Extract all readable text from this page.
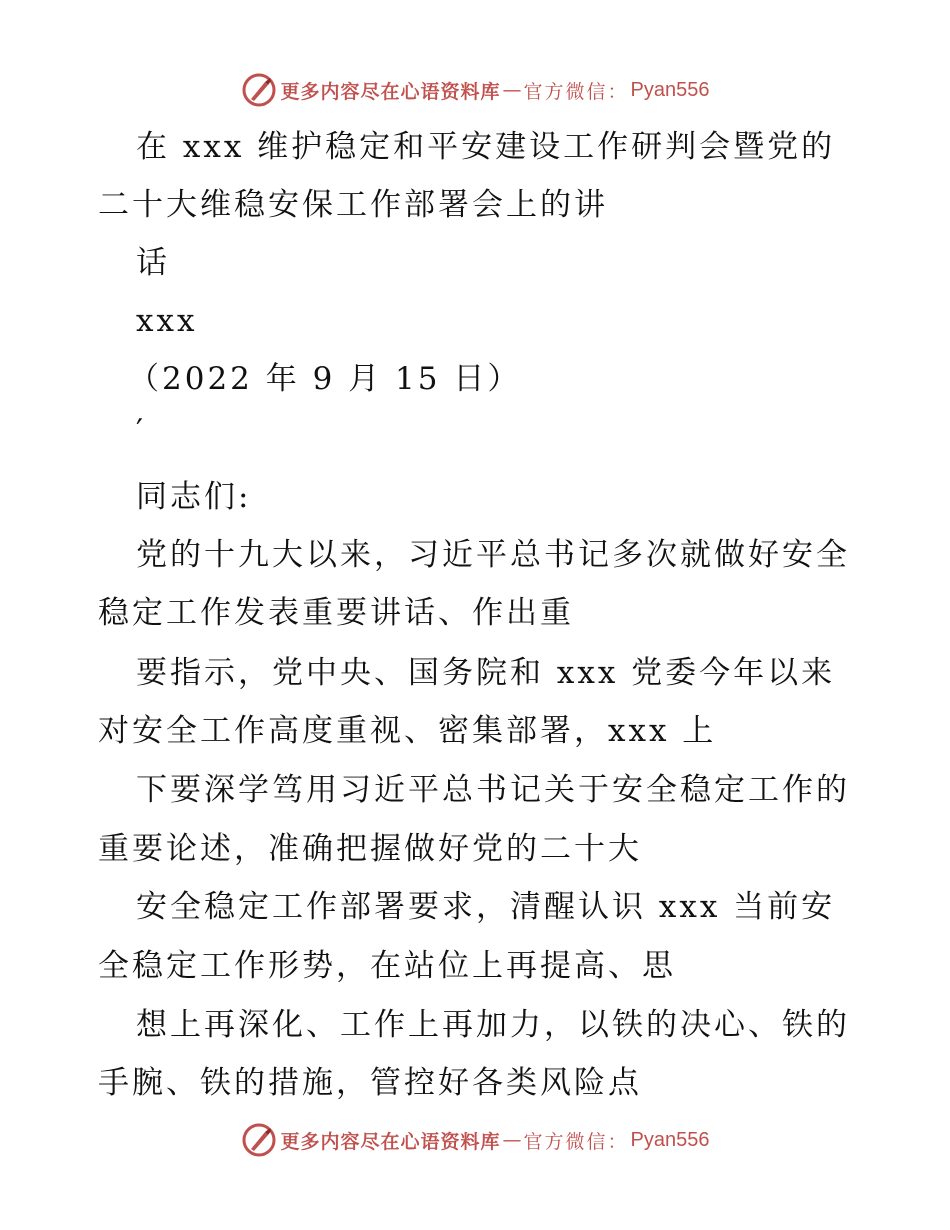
更多内容尽在心语资料库 — 官方微信： Pyan556
在 xxx 维护稳定和平安建设工作研判会暨党的
二十大维稳安保工作部署会上的讲
话
xxx
（2022 年 9 月 15 日）
′
同志们:
党的十九大以来，习近平总书记多次就做好安全
稳定工作发表重要讲话、作出重
要指示，党中央、国务院和 xxx 党委今年以来
对安全工作高度重视、密集部署，xxx 上
下要深学笃用习近平总书记关于安全稳定工作的
重要论述，准确把握做好党的二十大
安全稳定工作部署要求，清醒认识 xxx 当前安
全稳定工作形势，在站位上再提高、思
想上再深化、工作上再加力，以铁的决心、铁的
手腕、铁的措施，管控好各类风险点
更多内容尽在心语资料库 — 官方微信： Pyan556
